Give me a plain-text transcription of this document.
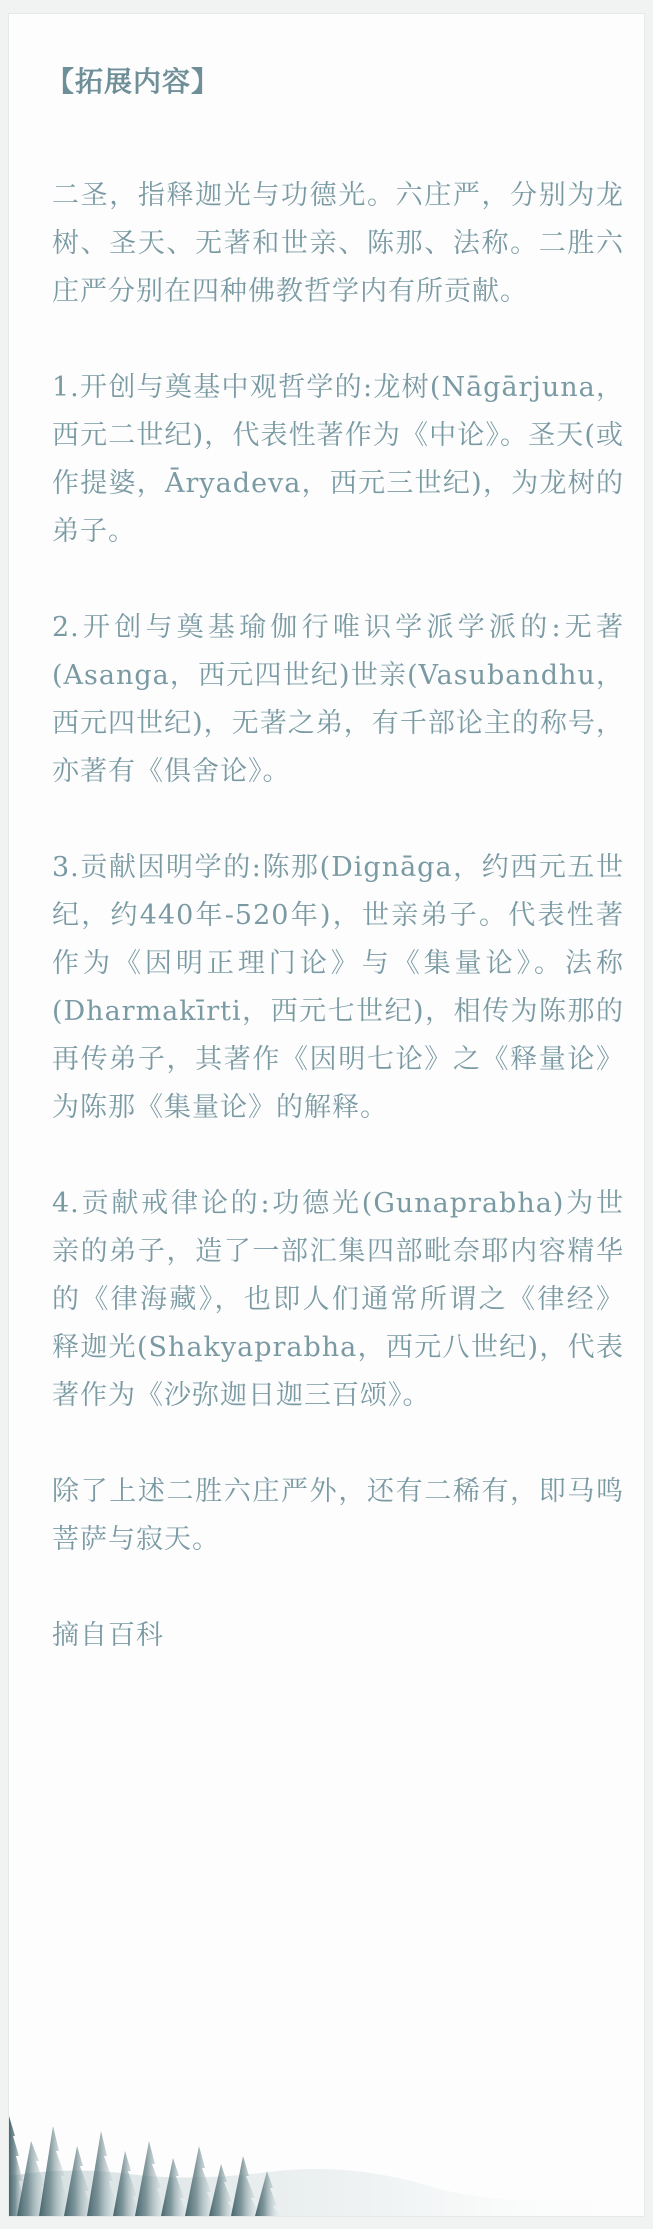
【拓展内容】

二圣，指释迦光与功德光。六庄严，分别为龙树、圣天、无著和世亲、陈那、法称。二胜六庄严分别在四种佛教哲学内有所贡献。

1.开创与奠基中观哲学的:龙树(Nāgārjuna，西元二世纪)，代表性著作为《中论》。圣天(或作提婆，Āryadeva，西元三世纪)，为龙树的弟子。

2.开创与奠基瑜伽行唯识学派学派的:无著(Asanga，西元四世纪)世亲(Vasubandhu，西元四世纪)，无著之弟，有千部论主的称号，亦著有《俱舍论》。

3.贡献因明学的:陈那(Dignāga，约西元五世纪，约440年-520年)，世亲弟子。代表性著作为《因明正理门论》与《集量论》。法称(Dharmakīrti，西元七世纪)，相传为陈那的再传弟子，其著作《因明七论》之《释量论》为陈那《集量论》的解释。

4.贡献戒律论的:功德光(Gunaprabha)为世亲的弟子，造了一部汇集四部毗奈耶内容精华的《律海藏》，也即人们通常所谓之《律经》释迦光(Shakyaprabha，西元八世纪)，代表著作为《沙弥迦日迦三百颂》。

除了上述二胜六庄严外，还有二稀有，即马鸣菩萨与寂天。

摘自百科
